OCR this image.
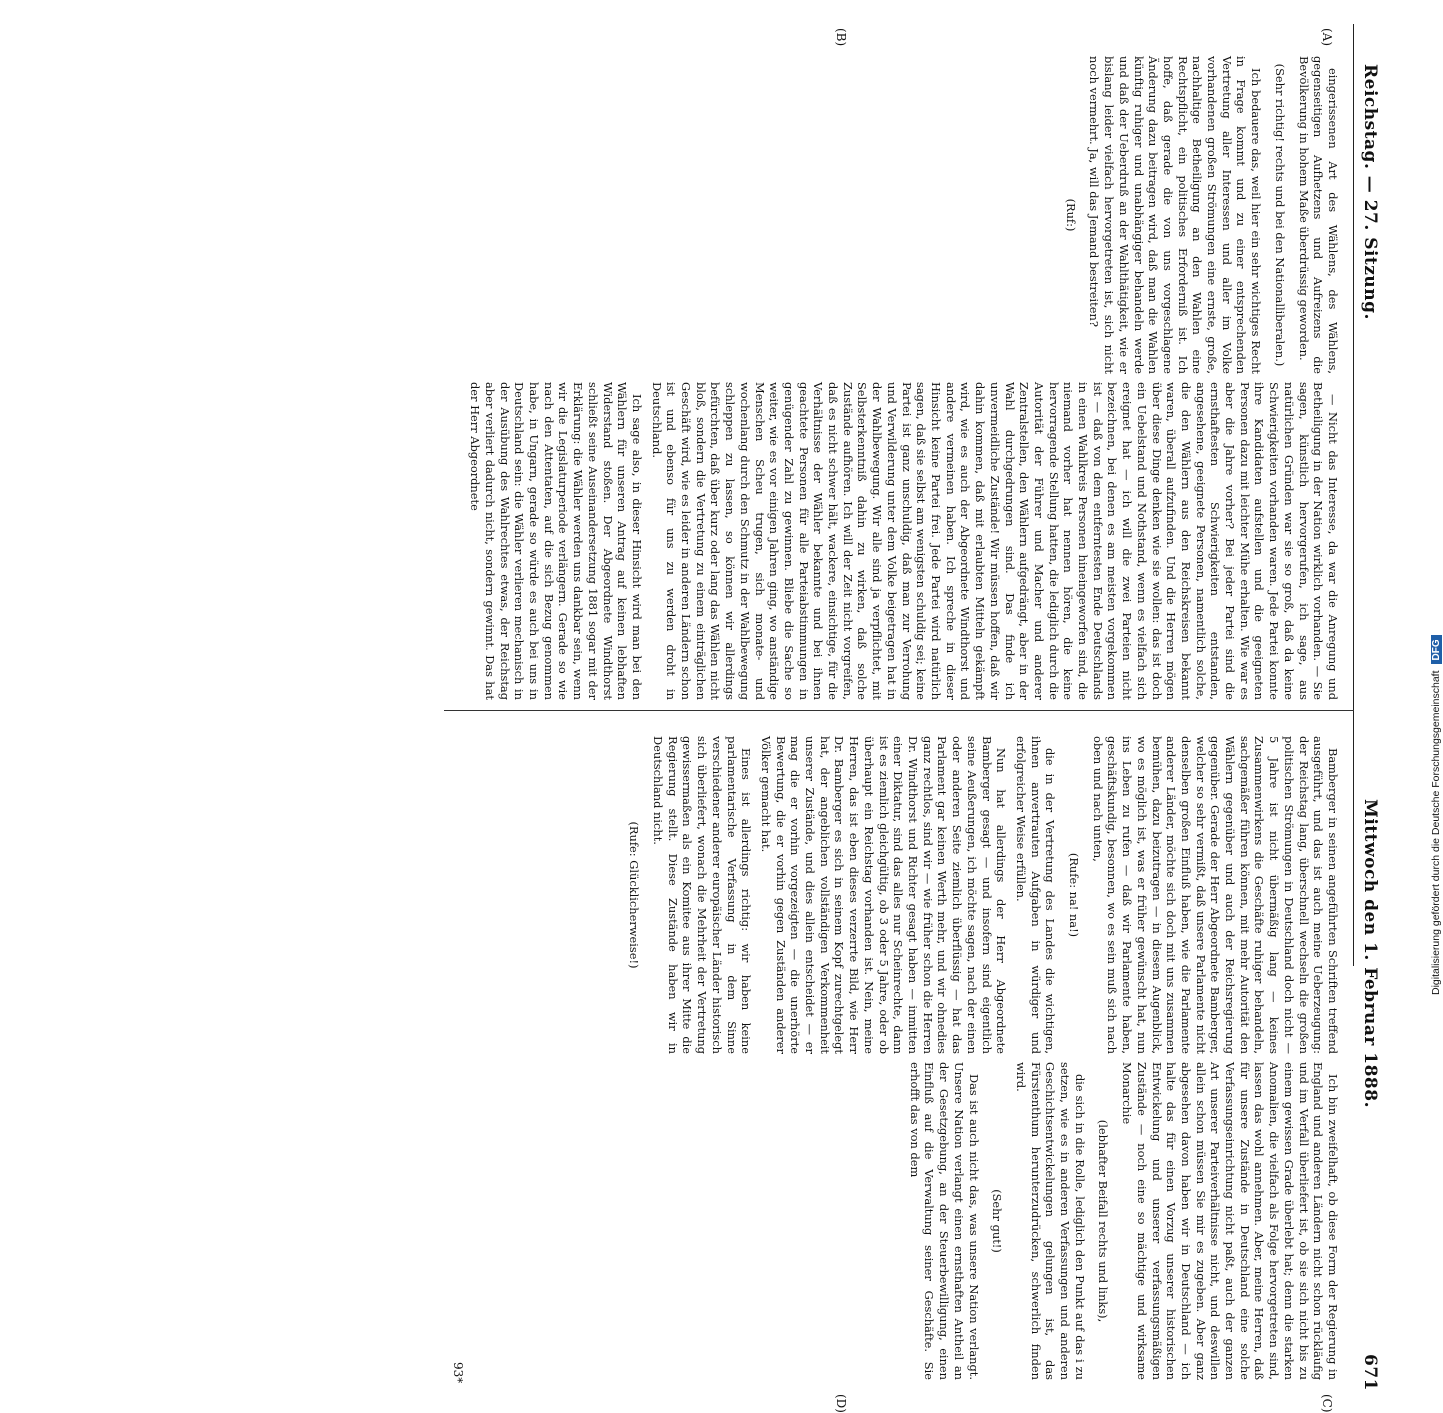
Reichstag. — 27. Sitzung.
Mittwoch den 1. Februar 1888.
671
(A)
(B)
(C)
(D)

eingerissenen Art des Wählens, des Wählens, gegenseitigen Aufhetzens und Aufreizens die Bevölkerung in hohem Maße überdrüssig geworden.

(Sehr richtig! rechts und bei den Nationalliberalen.)

Ich bedauere das, weil hier ein sehr wichtiges Recht in Frage kommt und zu einer entsprechenden Vertretung aller Interessen und aller im Volke vorhandenen großen Strömungen eine ernste, große, nachhaltige Betheiligung an den Wahlen eine Rechtspflicht, ein politisches Erforderniß ist. Ich hoffe, daß gerade die von uns vorgeschlagene Änderung dazu beitragen wird, daß man die Wahlen künftig ruhiger und unabhängiger behandeln werde und daß der Ueberdruß an der Wahlthätigkeit, wie er bislang leider vielfach hervorgetreten ist, sich nicht noch vermehrt. Ja, will das Jemand bestreiten?

(Ruf:)

— Nicht das Interesse, da war die Anregung und Betheiligung in der Nation wirklich vorhanden. — Sie sagen, künstlich hervorgerufen, ich sage, aus natürlichen Gründen war sie so groß, daß da keine Schwierigkeiten vorhanden waren. Jede Partei konnte ihre Kandidaten aufstellen und die geeigneten Personen dazu mit leichter Mühe erhalten. Wie war es aber die Jahre vorher? Bei jeder Partei sind die ernsthaftesten Schwierigkeiten entstanden, angesehene, geeignete Personen, namentlich solche, die den Wählern aus den Reichskreisen bekannt waren, überall aufzufinden. Und die Herren mögen über diese Dinge denken wie sie wollen: das ist doch ein Uebelstand und Nothstand, wenn es vielfach sich ereignet hat — ich will die zwei Parteien nicht bezeichnen, bei denen es am meisten vorgekommen ist — daß von dem entferntesten Ende Deutschlands in einen Wahlkreis Personen hineingeworfen sind, die niemand vorher hat nennen hören, die keine hervorragende Stellung hatten, die lediglich durch die Autorität der Führer und Macher und anderer Zentralstellen, den Wählern aufgedrängt, aber in der Wahl durchgedrungen sind. Das finde ich unvermeidliche Zustände! Wir müssen hoffen, daß wir dahin kommen, daß mit erlaubten Mitteln gekämpft wird, wie es auch der Abgeordnete Windthorst und andere vermeinen haben. Ich spreche in dieser Hinsicht keine Partei frei. Jede Partei wird natürlich sagen, daß sie selbst am wenigsten schuldig sei; keine Partei ist ganz unschuldig, daß man zur Verrohung und Verwilderung unter dem Volke beigetragen hat in der Wahlbewegung. Wir alle sind ja verpflichtet, mit Selbsterkenntniß dahin zu wirken, daß solche Zustände aufhören. Ich will der Zeit nicht vorgreifen, daß es nicht schwer hält, wackere, einsichtige, für die Verhältnisse der Wähler bekannte und bei ihnen geachtete Personen für alle Parteiabstimmungen in genügender Zahl zu gewinnen. Bliebe die Sache so weiter, wie es vor einigen Jahren ging, wo anständige Menschen Scheu trugen, sich monate- und wochenlang durch den Schmutz in der Wahlbewegung schleppen zu lassen, so können wir allerdings befürchten, daß über kurz oder lang das Wählen nicht bloß, sondern die Vertretung zu einem einträglichen Geschäft wird, wie es leider in anderen Ländern schon ist und ebenso für uns zu werden droht in Deutschland.

Ich sage also, in dieser Hinsicht wird man bei den Wählern für unseren Antrag auf keinen lebhaften Widerstand stoßen. Der Abgeordnete Windthorst schließt seine Auseinandersetzung 1881 sogar mit der Erklärung: die Wähler werden uns dankbar sein, wenn wir die Legislaturperiode verlängern. Gerade so wie nach den Attentaten, auf die sich Bezug genommen habe, in Ungarn, gerade so würde es auch bei uns in Deutschland sein: die Wähler verlieren mechanisch in der Ausübung des Wahlrechtes etwas, der Reichstag aber verliert dadurch nicht, sondern gewinnt. Das hat der Herr Abgeordnete

Bamberger in seinen angeführten Schriften treffend ausgeführt, und das ist auch meine Ueberzeugung: der Reichstag lang, überschnell wechseln die großen politischen Strömungen in Deutschland doch nicht — 5 Jahre ist nicht übermäßig lang — keines Zusammenwirkens die Geschäfte ruhiger behandeln, sachgemäßer führen können, mit mehr Autorität den Wählern gegenüber und auch der Reichsregierung gegenüber. Gerade der Herr Abgeordnete Bamberger, welcher so sehr vermißt, daß unsere Parlamente nicht denselben großen Einfluß haben, wie die Parlamente anderer Länder, möchte sich doch mit uns zusammen bemühen, dazu beizutragen — in diesem Augenblick, wo es möglich ist, was er früher gewünscht hat, nun ins Leben zu rufen — daß wir Parlamente haben, geschäftskundig, besonnen, wo es sein muß sich nach oben und nach unten,

(Rufe: na! na!)

die in der Vertretung des Landes die wichtigen, ihnen anvertrauten Aufgaben in würdiger und erfolgreicher Weise erfüllen.

Nun hat allerdings der Herr Abgeordnete Bamberger gesagt — und insofern sind eigentlich seine Aeußerungen, ich möchte sagen, nach der einen oder anderen Seite ziemlich überflüssig — hat das Parlament gar keinen Werth mehr, und wir ohnedies ganz rechtlos, sind wir — wie früher schon die Herren Dr. Windthorst und Richter gesagt haben — inmitten einer Diktatur, sind das alles nur Scheinrechte, dann ist es ziemlich gleichgültig, ob 3 oder 5 Jahre, oder ob überhaupt ein Reichstag vorhanden ist. Nein, meine Herren, das ist eben dieses verzerrte Bild, wie Herr Dr. Bamberger es sich in seinem Kopf zurechtgelegt hat, der angeblichen vollständigen Verkommenheit unserer Zustände, und dies allein entscheidet — er mag die er vorhin vorgezeigten — die unerhörte Bewertung, die er vorhin gegen Zuständen anderer Völker gemacht hat.

Eines ist allerdings richtig: wir haben keine parlamentarische Verfassung in dem Sinne verschiedener anderer europäischer Länder historisch sich überliefert, wonach die Mehrheit der Vertretung gewissermaßen als ein Komitee aus ihrer Mitte die Regierung stellt. Diese Zustände haben wir in Deutschland nicht.

(Rufe: Glücklicherweise!)

Ich bin zweifelhaft, ob diese Form der Regierung in England und anderen Ländern nicht schon rückläufig und im Verfall überliefert ist, ob sie sich nicht bis zu einem gewissen Grade überlebt hat; denn die starken Anomalien, die vielfach als Folge hervorgetreten sind, lassen das wohl annehmen. Aber, meine Herren, daß für unsere Zustände in Deutschland eine solche Verfassungseinrichtung nicht paßt, auch der ganzen Art unserer Parteiverhältnisse nicht, und deswillen allein schon müssen Sie mir es zugeben. Aber ganz abgesehen davon haben wir in Deutschland — ich halte das für einen Vorzug unserer historischen Entwickelung und unserer verfassungsmäßigen Zustände — noch eine so mächtige und wirksame Monarchie

(lebhafter Beifall rechts und links),

die sich in die Rolle, lediglich den Punkt auf das i zu setzen, wie es in anderen Verfassungen und anderen Geschichtsentwickelungen gelungen ist, das Fürstenthum herunterzudrücken, schwerlich finden wird.

(Sehr gut!)

Das ist auch nicht das, was unsere Nation verlangt. Unsere Nation verlangt einen ernsthaften Antheil an der Gesetzgebung, an der Steuerbewilligung, einen Einfluß auf die Verwaltung seiner Geschäfte. Sie erhofft das von dem

93*
Digitalisierung gefördert durch die Deutsche Forschungsgemeinschaft
DFG
